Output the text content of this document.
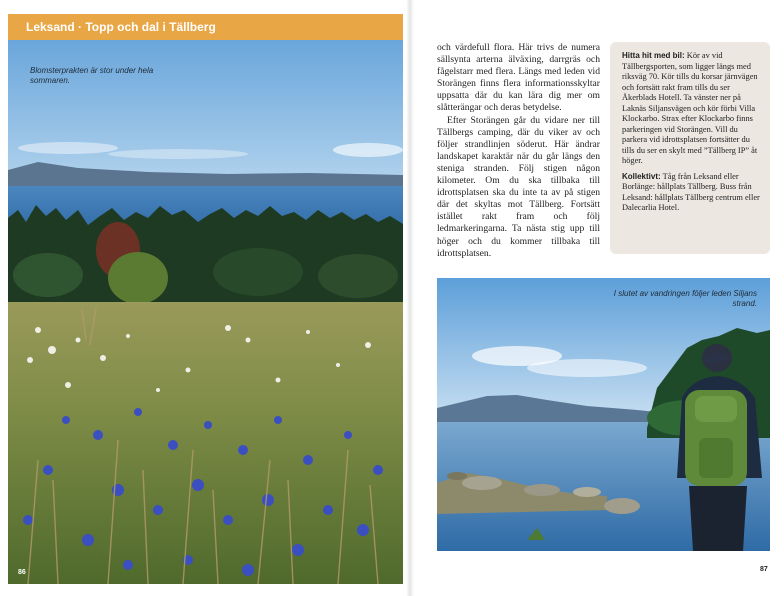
Leksand · Topp och dal i Tällberg
Blomsterprakten är stor under hela sommaren.
86

och värdefull flora. Här trivs de numera sällsynta arterna älväxing, darrgräs och fågelstarr med flera. Längs med leden vid Storängen finns flera informationsskyltar uppsatta där du kan lära dig mer om slåtterängar och deras betydelse.

Efter Storängen går du vidare ner till Tällbergs camping, där du viker av och följer strandlinjen söderut. Här ändrar landskapet karaktär när du går längs den steniga stranden. Följ stigen någon kilometer. Om du ska tillbaka till idrottsplatsen ska du inte ta av på stigen där det skyltas mot Tällberg. Fortsätt istället rakt fram och följ ledmarkeringarna. Ta nästa stig upp till höger och du kommer tillbaka till idrottsplatsen.

Hitta hit med bil: Kör av vid Tällbergsporten, som ligger längs med riksväg 70. Kör tills du korsar järnvägen och fortsätt rakt fram tills du ser Åkerblads Hotell. Ta vänster ner på Laknäs Siljansvägen och kör förbi Villa Klockarbo. Strax efter Klockarbo finns parkeringen vid Storängen. Vill du parkera vid idrottsplatsen fortsätter du tills du ser en skylt med ”Tällberg IP” åt höger.

Kollektivt: Tåg från Leksand eller Borlänge: hållplats Tällberg. Buss från Leksand: hållplats Tällberg centrum eller Dalecarlia Hotel.

I slutet av vandringen följer leden Siljans strand.
87
